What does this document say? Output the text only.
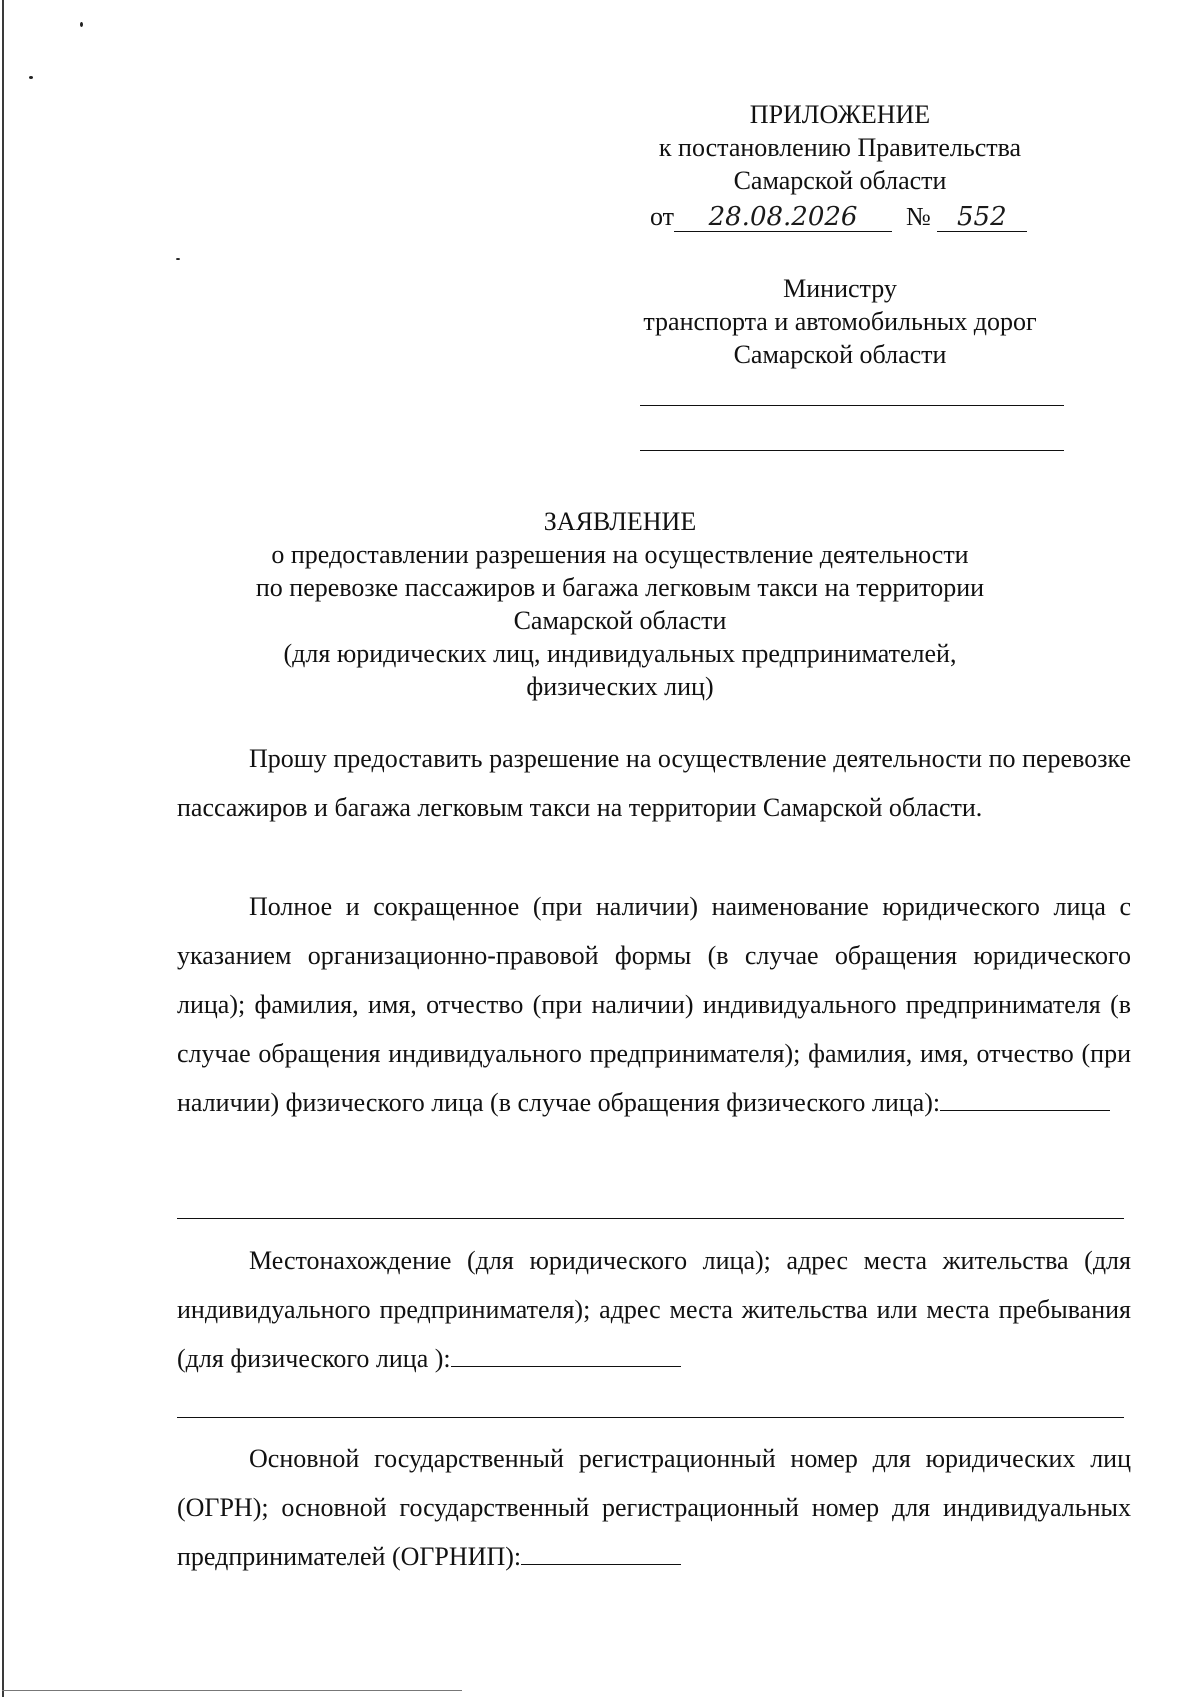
ПРИЛОЖЕНИЕ
к постановлению Правительства
Самарской области
от 28.08.2026 № 552
Министру
транспорта и автомобильных дорог
Самарской области
ЗАЯВЛЕНИЕ
о предоставлении разрешения на осуществление деятельности
по перевозке пассажиров и багажа легковым такси на территории
Самарской области
(для юридических лиц, индивидуальных предпринимателей,
физических лиц)

Прошу предоставить разрешение на осуществление деятельности по перевозке пассажиров и багажа легковым такси на территории Самарской области.

Полное и сокращенное (при наличии) наименование юридического лица с указанием организационно-правовой формы (в случае обращения юридического лица); фамилия, имя, отчество (при наличии) индивидуального предпринимателя (в случае обращения индивидуального предпринимателя); фамилия, имя, отчество (при наличии) физического лица (в случае обращения физического лица):

Местонахождение (для юридического лица); адрес места жительства (для индивидуального предпринимателя); адрес места жительства или места пребывания (для физического лица ):

Основной государственный регистрационный номер для юридических лиц (ОГРН); основной государственный регистрационный номер для индивидуальных предпринимателей (ОГРНИП):
